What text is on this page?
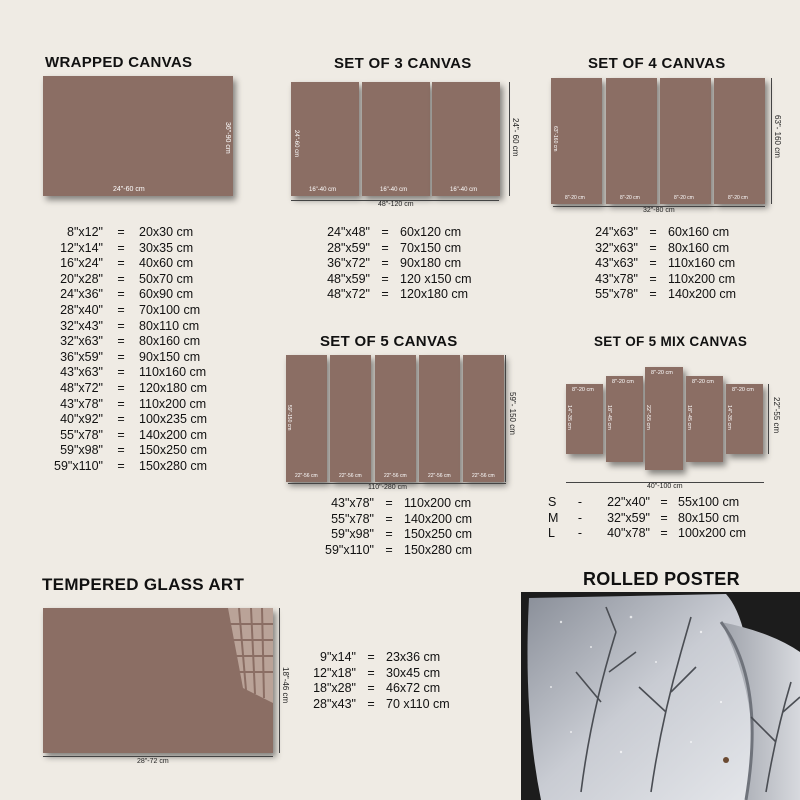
WRAPPED CANVAS
24"-60 cm
36"-90 cm
8"x12"	=	20x30 cm
12"x14"	=	30x35 cm
16"x24"	=	40x60 cm
20"x28"	=	50x70 cm
24"x36"	=	60x90 cm
28"x40"	=	70x100 cm
32"x43"	=	80x110 cm
32"x63"	=	80x160 cm
36"x59"	=	90x150 cm
43"x63"	=	110x160 cm
48"x72"	=	120x180 cm
43"x78"	=	110x200 cm
40"x92"	=	100x235 cm
55"x78"	=	140x200 cm
59"x98"	=	150x250 cm
59"x110"	=	150x280 cm
SET OF 3 CANVAS
16"-40 cm
24"-60 cm
16"-40 cm	16"-40 cm
48"-120 cm
24"- 60 cm
24"x48" = 60x120 cm
28"x59" = 70x150 cm
36"x72" = 90x180 cm
48"x59" = 120 x150 cm
48"x72" = 120x180 cm
SET OF 4 CANVAS
8"-20 cm
63"-160 cm
8"-20 cm	8"-20 cm	8"-20 cm
32"-80 cm
63"- 160 cm
24"x63" = 60x160 cm
32"x63" = 80x160 cm
43"x63" = 110x160 cm
43"x78" = 110x200 cm
55"x78" = 140x200 cm
SET OF 5 CANVAS
22"-56 cm
59"-150 cm
22"-56 cm	22"-56 cm	22"-56 cm	22"-56 cm
110"-280 cm
59"- 150 cm
43"x78" = 110x200 cm
55"x78" = 140x200 cm
59"x98" = 150x250 cm
59"x110" = 150x280 cm
SET OF 5 MIX CANVAS
8"-20 cm
14"-35 cm
8"-20 cm
18"-45 cm
8"-20 cm
22"-55 cm
8"-20 cm
18"-45 cm
8"-20 cm
14"-35 cm
40"-100 cm
22"-55 cm
S	-	22"x40" = 55x100 cm
M	-	32"x59" = 80x150 cm
L	-	40"x78" = 100x200 cm
TEMPERED GLASS ART
28"-72 cm
18"-46 cm
9"x14" = 23x36 cm
12"x18" = 30x45 cm
18"x28" = 46x72 cm
28"x43" = 70 x110 cm
ROLLED POSTER
